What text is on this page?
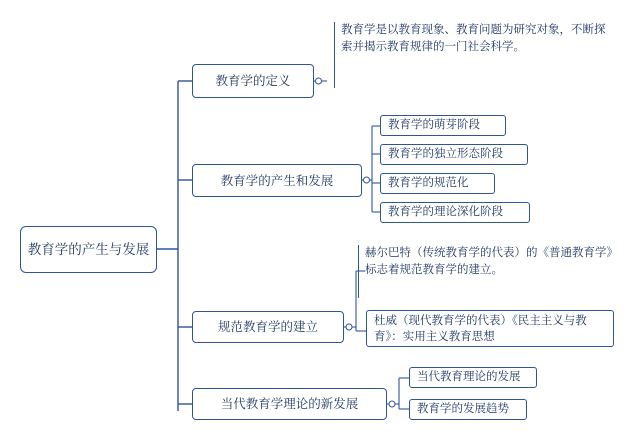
教育学的产生与发展
教育学的定义
教育学是以教育现象、教育问题为研究对象，不断探索并揭示教育规律的一门社会科学。
教育学的产生和发展
教育学的萌芽阶段
教育学的独立形态阶段
教育学的规范化
教育学的理论深化阶段
规范教育学的建立
赫尔巴特（传统教育学的代表）的《普通教育学》标志着规范教育学的建立。
杜威（现代教育学的代表）《民主主义与教育》：实用主义教育思想
当代教育学理论的新发展
当代教育理论的发展
教育学的发展趋势
